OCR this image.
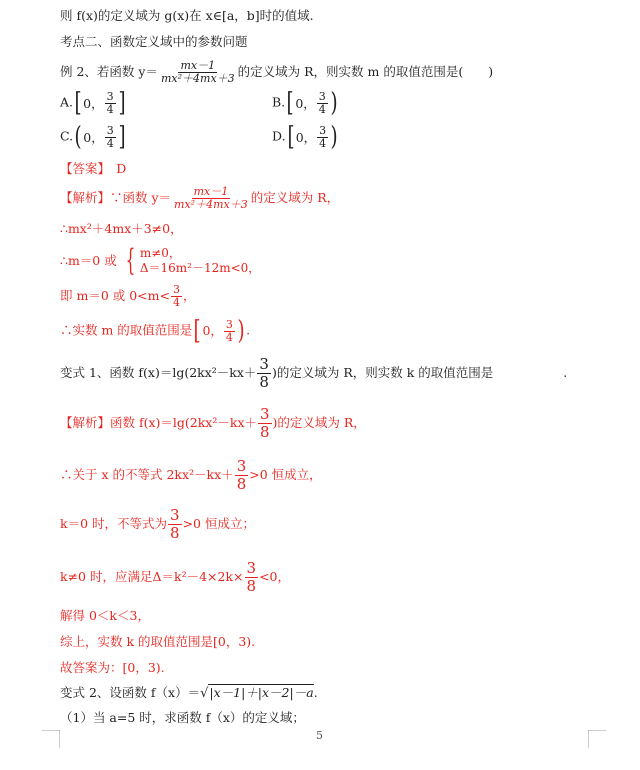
则 f(x)的定义域为 g(x)在 x∈[a，b]时的值域.
考点二、函数定义域中的参数问题
例 2、若函数 $y= \frac{mx-1}{\text{mx²＋4mx＋3}}$ 的定义域为 R，则实数 m 的取值范围是(　　)
A. [ 0， $\frac{3}{4}$ ]	B. [ 0， $\frac{3}{4}$ )
C. ( 0， $\frac{3}{4}$ ]	D. [ 0， $\frac{3}{4}$ )
【答案】　D
【解析】∵函数 $y= \frac{mx-1}{\text{mx²＋4mx＋3}}$ 的定义域为 R，
∴mx²＋4mx＋3≠0，
∴m＝0 或 { m≠0，
Δ＝16m²－12m<0，
即 m＝0 或 $0<m< \frac{3}{4}$ ，
∴实数 m 的取值范围是 [ 0， $\frac{3}{4}$ ) .
变式 1、函数 $f(x)=\lg(2kx^2-kx+ \frac{3}{8}$ )的定义域为 R，则实数 k 的取值范围是	.
【解析】函数 $f(x)=\lg(2kx^2-kx+ \frac{3}{8}$ )的定义域为 R，
∴关于 x 的不等式 $2kx^2-kx+ \frac{3}{8} >0$ 恒成立，
k＝0 时，不等式为 $\frac{3}{8} >0$ 恒成立；
k≠0 时，应满足$\Delta=k^2-4\times 2k\times \frac{3}{8} <0$，
解得 0＜k＜3，
综上，实数 k 的取值范围是[0，3).
故答案为：[0，3).
变式 2、设函数 f（x）＝√|x－1|＋|x－2|－a.
（1）当 a=5 时，求函数 f（x）的定义域；
5
